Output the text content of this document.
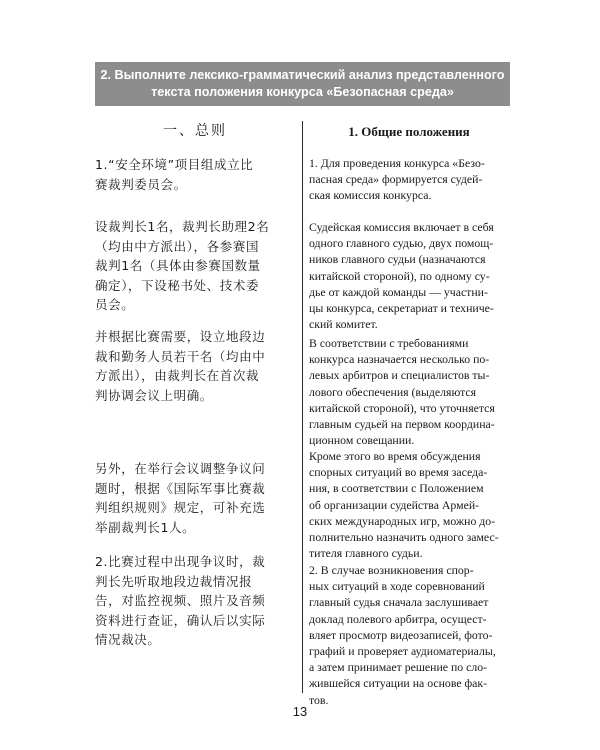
2. Выполните лексико-грамматический анализ представленного
текста положения конкурса «Безопасная среда»
一、总则
1.“安全环境”项目组成立比
赛裁判委员会。
设裁判长1名，裁判长助理2名
（均由中方派出），各参赛国
裁判1名（具体由参赛国数量
确定），下设秘书处、技术委
员会。
并根据比赛需要，设立地段边
裁和勤务人员若干名（均由中
方派出），由裁判长在首次裁
判协调会议上明确。
另外，在举行会议调整争议问
题时，根据《国际军事比赛裁
判组织规则》规定，可补充选
举副裁判长1人。
2.比赛过程中出现争议时，裁
判长先听取地段边裁情况报
告，对监控视频、照片及音频
资料进行查证，确认后以实际
情况裁决。
1. Общие положения
1. Для проведения конкурса «Безо-
пасная среда» формируется судей-
ская комиссия конкурса.
Судейская комиссия включает в себя
одного главного судью, двух помощ-
ников главного судьи (назначаются
китайской стороной), по одному су-
дье от каждой команды — участни-
цы конкурса, секретариат и техниче-
ский комитет.
В соответствии с требованиями
конкурса назначается несколько по-
левых арбитров и специалистов ты-
лового обеспечения (выделяются
китайской стороной), что уточняется
главным судьей на первом координа-
ционном совещании.
Кроме этого во время обсуждения
спорных ситуаций во время заседа-
ния, в соответствии с Положением
об организации судейства Армей-
ских международных игр, можно до-
полнительно назначить одного замес-
тителя главного судьи.
2. В случае возникновения спор-
ных ситуаций в ходе соревнований
главный судья сначала заслушивает
доклад полевого арбитра, осущест-
вляет просмотр видеозаписей, фото-
графий и проверяет аудиоматериалы,
а затем принимает решение по сло-
жившейся ситуации на основе фак-
тов.
13
